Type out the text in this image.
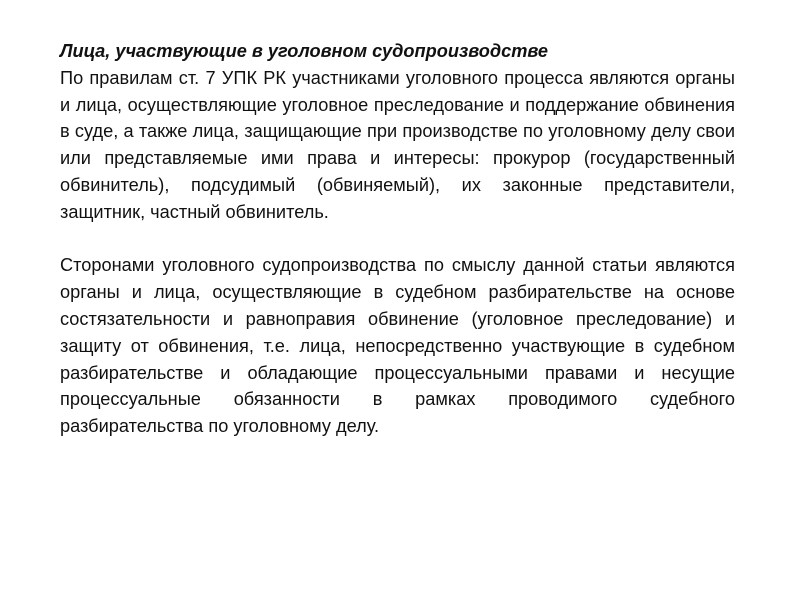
Лица, участвующие в уголовном судопроизводстве

По правилам ст. 7 УПК РК участниками уголовного процесса являются органы и лица, осуществляющие уголовное преследование и поддержание обвинения в суде, а также лица, защищающие при производстве по уголовному делу свои или представляемые ими права и интересы: прокурор (государственный обвинитель), подсудимый (обвиняемый), их законные представители, защитник, частный обвинитель.

Сторонами уголовного судопроизводства по смыслу данной статьи являются органы и лица, осуществляющие в судебном разбирательстве на основе состязательности и равноправия обвинение (уголовное преследование) и защиту от обвинения, т.е. лица, непосредственно участвующие в судебном разбирательстве и обладающие процессуальными правами и несущие процессуальные обязанности в рамках проводимого судебного разбирательства по уголовному делу.
